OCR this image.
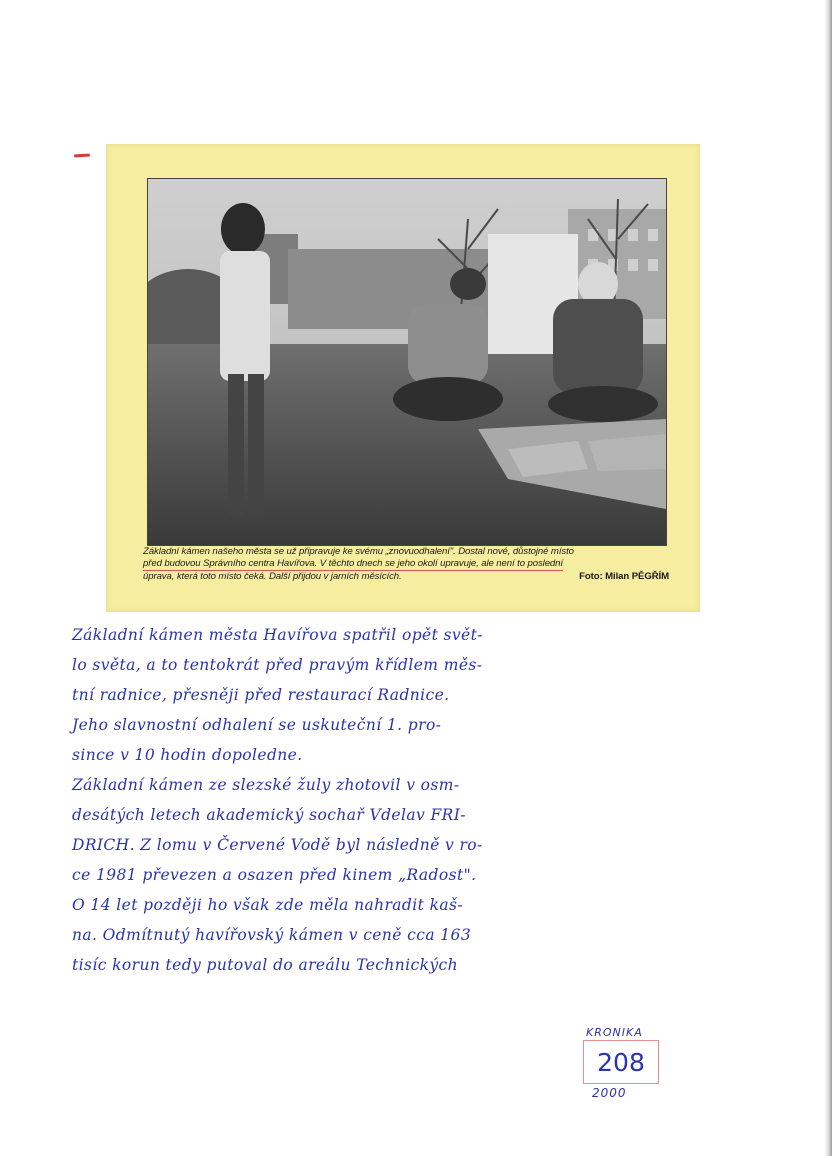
Základní kámen našeho města se už připravuje ke svému „znovuodhalení". Dostal nové, důstojné místo
před budovou Správního centra Havířova. V těchto dnech se jeho okolí upravuje, ale není to poslední
úprava, která toto místo čeká. Další přijdou v jarních měsících.	Foto: Milan PĚGŘÍM
Základní kámen města Havířova spatřil opět svět-
lo světa, a to tentokrát před pravým křídlem měs-
tní radnice, přesněji před restaurací Radnice.
Jeho slavnostní odhalení se uskuteční 1. pro-
since v 10 hodin dopoledne.
Základní kámen ze slezské žuly zhotovil v osm-
desátých letech akademický sochař Vdelav FRI-
DRICH. Z lomu v Červené Vodě byl následně v ro-
ce 1981 převezen a osazen před kinem „Radost".
O 14 let později ho však zde měla nahradit kaš-
na. Odmítnutý havířovský kámen v ceně cca 163
tisíc korun tedy putoval do areálu Technických
KRONIKA
208
2000
